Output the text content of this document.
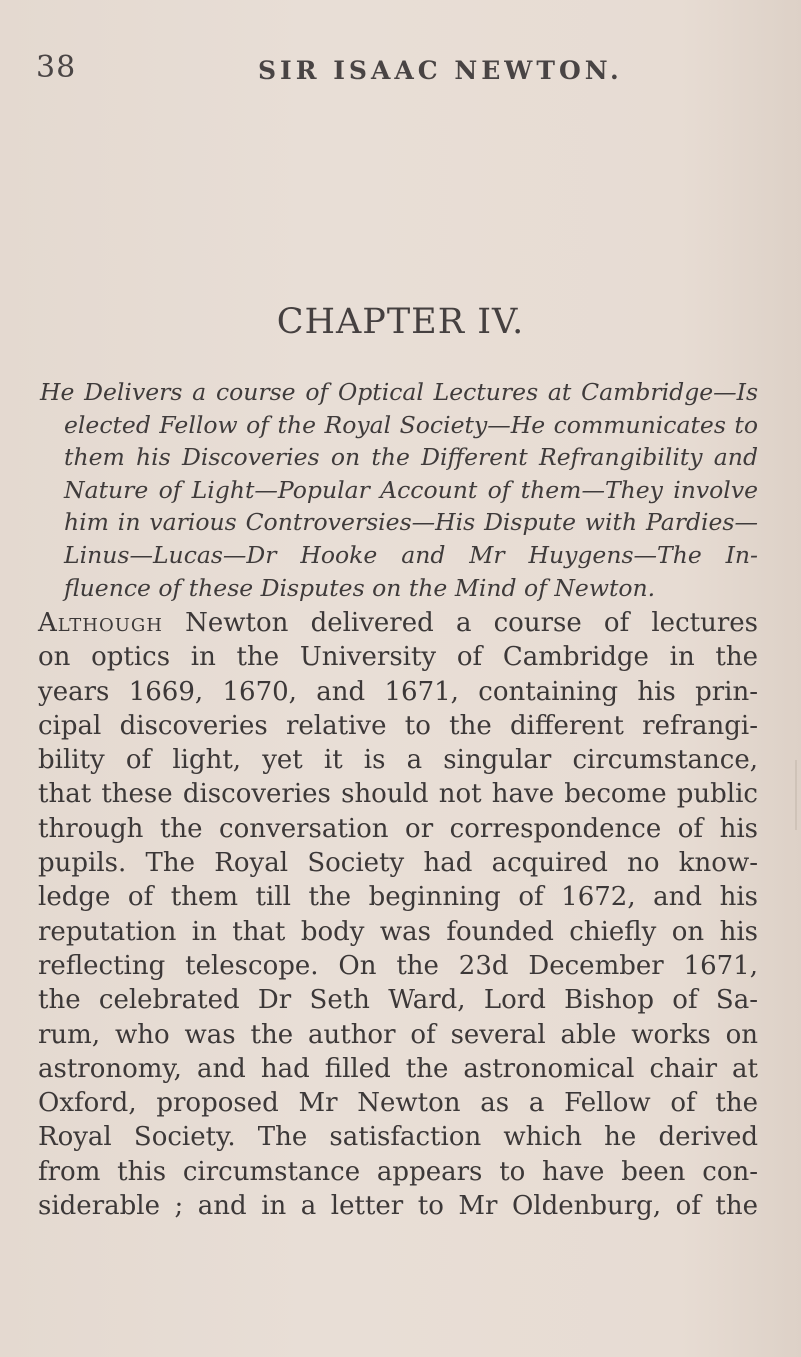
38	SIR ISAAC NEWTON.
CHAPTER IV.
He Delivers a course of Optical Lectures at Cambridge—Is
elected Fellow of the Royal Society—He communicates to
them his Discoveries on the Different Refrangibility and
Nature of Light—Popular Account of them—They involve
him in various Controversies—His Dispute with Pardies—
Linus—Lucas—Dr Hooke and Mr Huygens—The In-
fluence of these Disputes on the Mind of Newton.
Although Newton delivered a course of lectures
on optics in the University of Cambridge in the
years 1669, 1670, and 1671, containing his prin-
cipal discoveries relative to the different refrangi-
bility of light, yet it is a singular circumstance,
that these discoveries should not have become public
through the conversation or correspondence of his
pupils. The Royal Society had acquired no know-
ledge of them till the beginning of 1672, and his
reputation in that body was founded chiefly on his
reflecting telescope. On the 23d December 1671,
the celebrated Dr Seth Ward, Lord Bishop of Sa-
rum, who was the author of several able works on
astronomy, and had filled the astronomical chair at
Oxford, proposed Mr Newton as a Fellow of the
Royal Society. The satisfaction which he derived
from this circumstance appears to have been con-
siderable ; and in a letter to Mr Oldenburg, of the
